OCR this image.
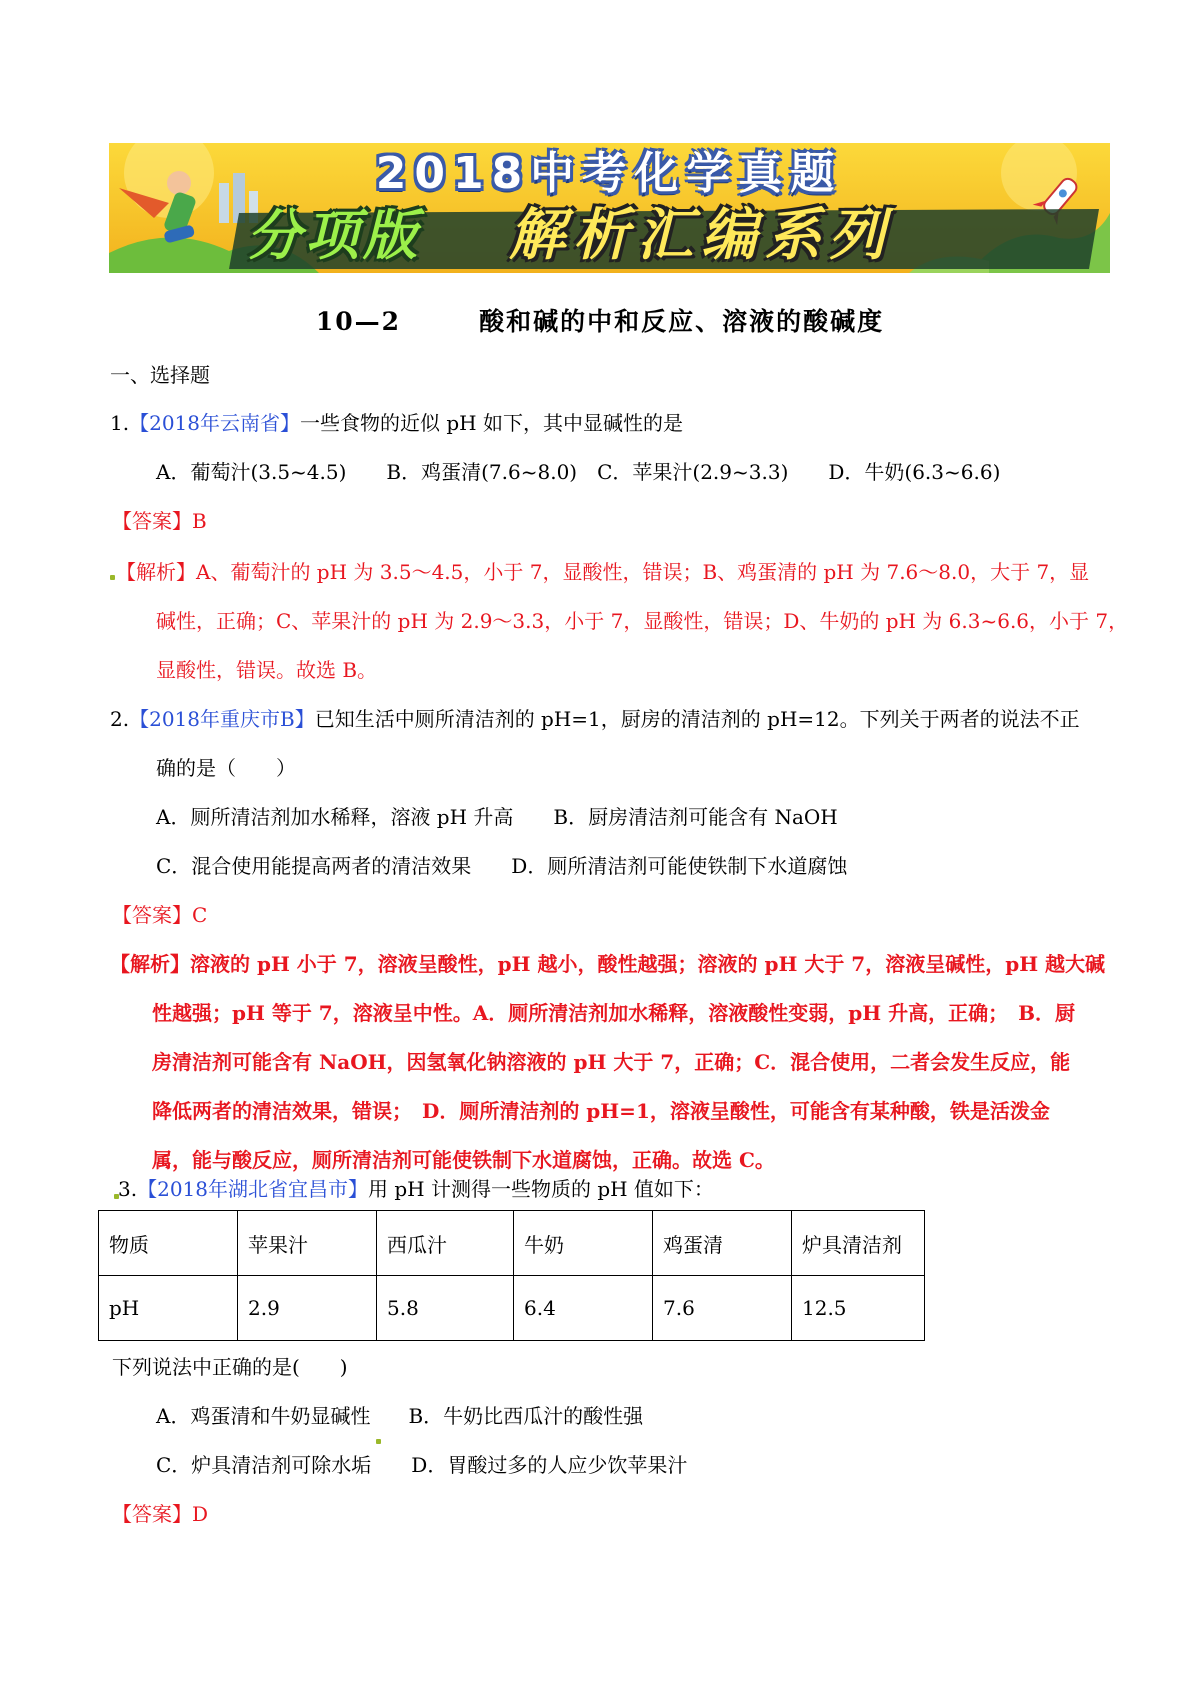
2018中考化学真题
分项版	解析汇编系列
10—2	酸和碱的中和反应、溶液的酸碱度
一、选择题
1.【2018年云南省】一些食物的近似 pH 如下，其中显碱性的是
A．葡萄汁(3.5~4.5)　　B．鸡蛋清(7.6~8.0)　C．苹果汁(2.9~3.3)　　D．牛奶(6.3~6.6)
【答案】B
【解析】A、葡萄汁的 pH 为 3.5～4.5，小于 7，显酸性，错误；B、鸡蛋清的 pH 为 7.6～8.0，大于 7，显
碱性，正确；C、苹果汁的 pH 为 2.9～3.3，小于 7，显酸性，错误；D、牛奶的 pH 为 6.3~6.6，小于 7，
显酸性，错误。故选 B。
2.【2018年重庆市B】已知生活中厕所清洁剂的 pH=1，厨房的清洁剂的 pH=12。下列关于两者的说法不正
确的是（　　）
A．厕所清洁剂加水稀释，溶液 pH 升高　　B．厨房清洁剂可能含有 NaOH
C．混合使用能提高两者的清洁效果　　D．厕所清洁剂可能使铁制下水道腐蚀
【答案】C
【解析】溶液的 pH 小于 7，溶液呈酸性，pH 越小，酸性越强；溶液的 pH 大于 7，溶液呈碱性，pH 越大碱
性越强；pH 等于 7，溶液呈中性。A．厕所清洁剂加水稀释，溶液酸性变弱，pH 升高，正确；　B．厨
房清洁剂可能含有 NaOH，因氢氧化钠溶液的 pH 大于 7，正确；C．混合使用，二者会发生反应，能
降低两者的清洁效果，错误；　D．厕所清洁剂的 pH=1，溶液呈酸性，可能含有某种酸，铁是活泼金
属，能与酸反应，厕所清洁剂可能使铁制下水道腐蚀，正确。故选 C。
3.【2018年湖北省宜昌市】用 pH 计测得一些物质的 pH 值如下：
物质	苹果汁	西瓜汁	牛奶	鸡蛋清	炉具清洁剂
pH	2.9	5.8	6.4	7.6	12.5
下列说法中正确的是(　　)
A．鸡蛋清和牛奶显碱性
　 B．牛奶比西瓜汁的酸性强
C．炉具清洁剂可除水垢　　D．胃酸过多的人应少饮苹果汁
【答案】D
